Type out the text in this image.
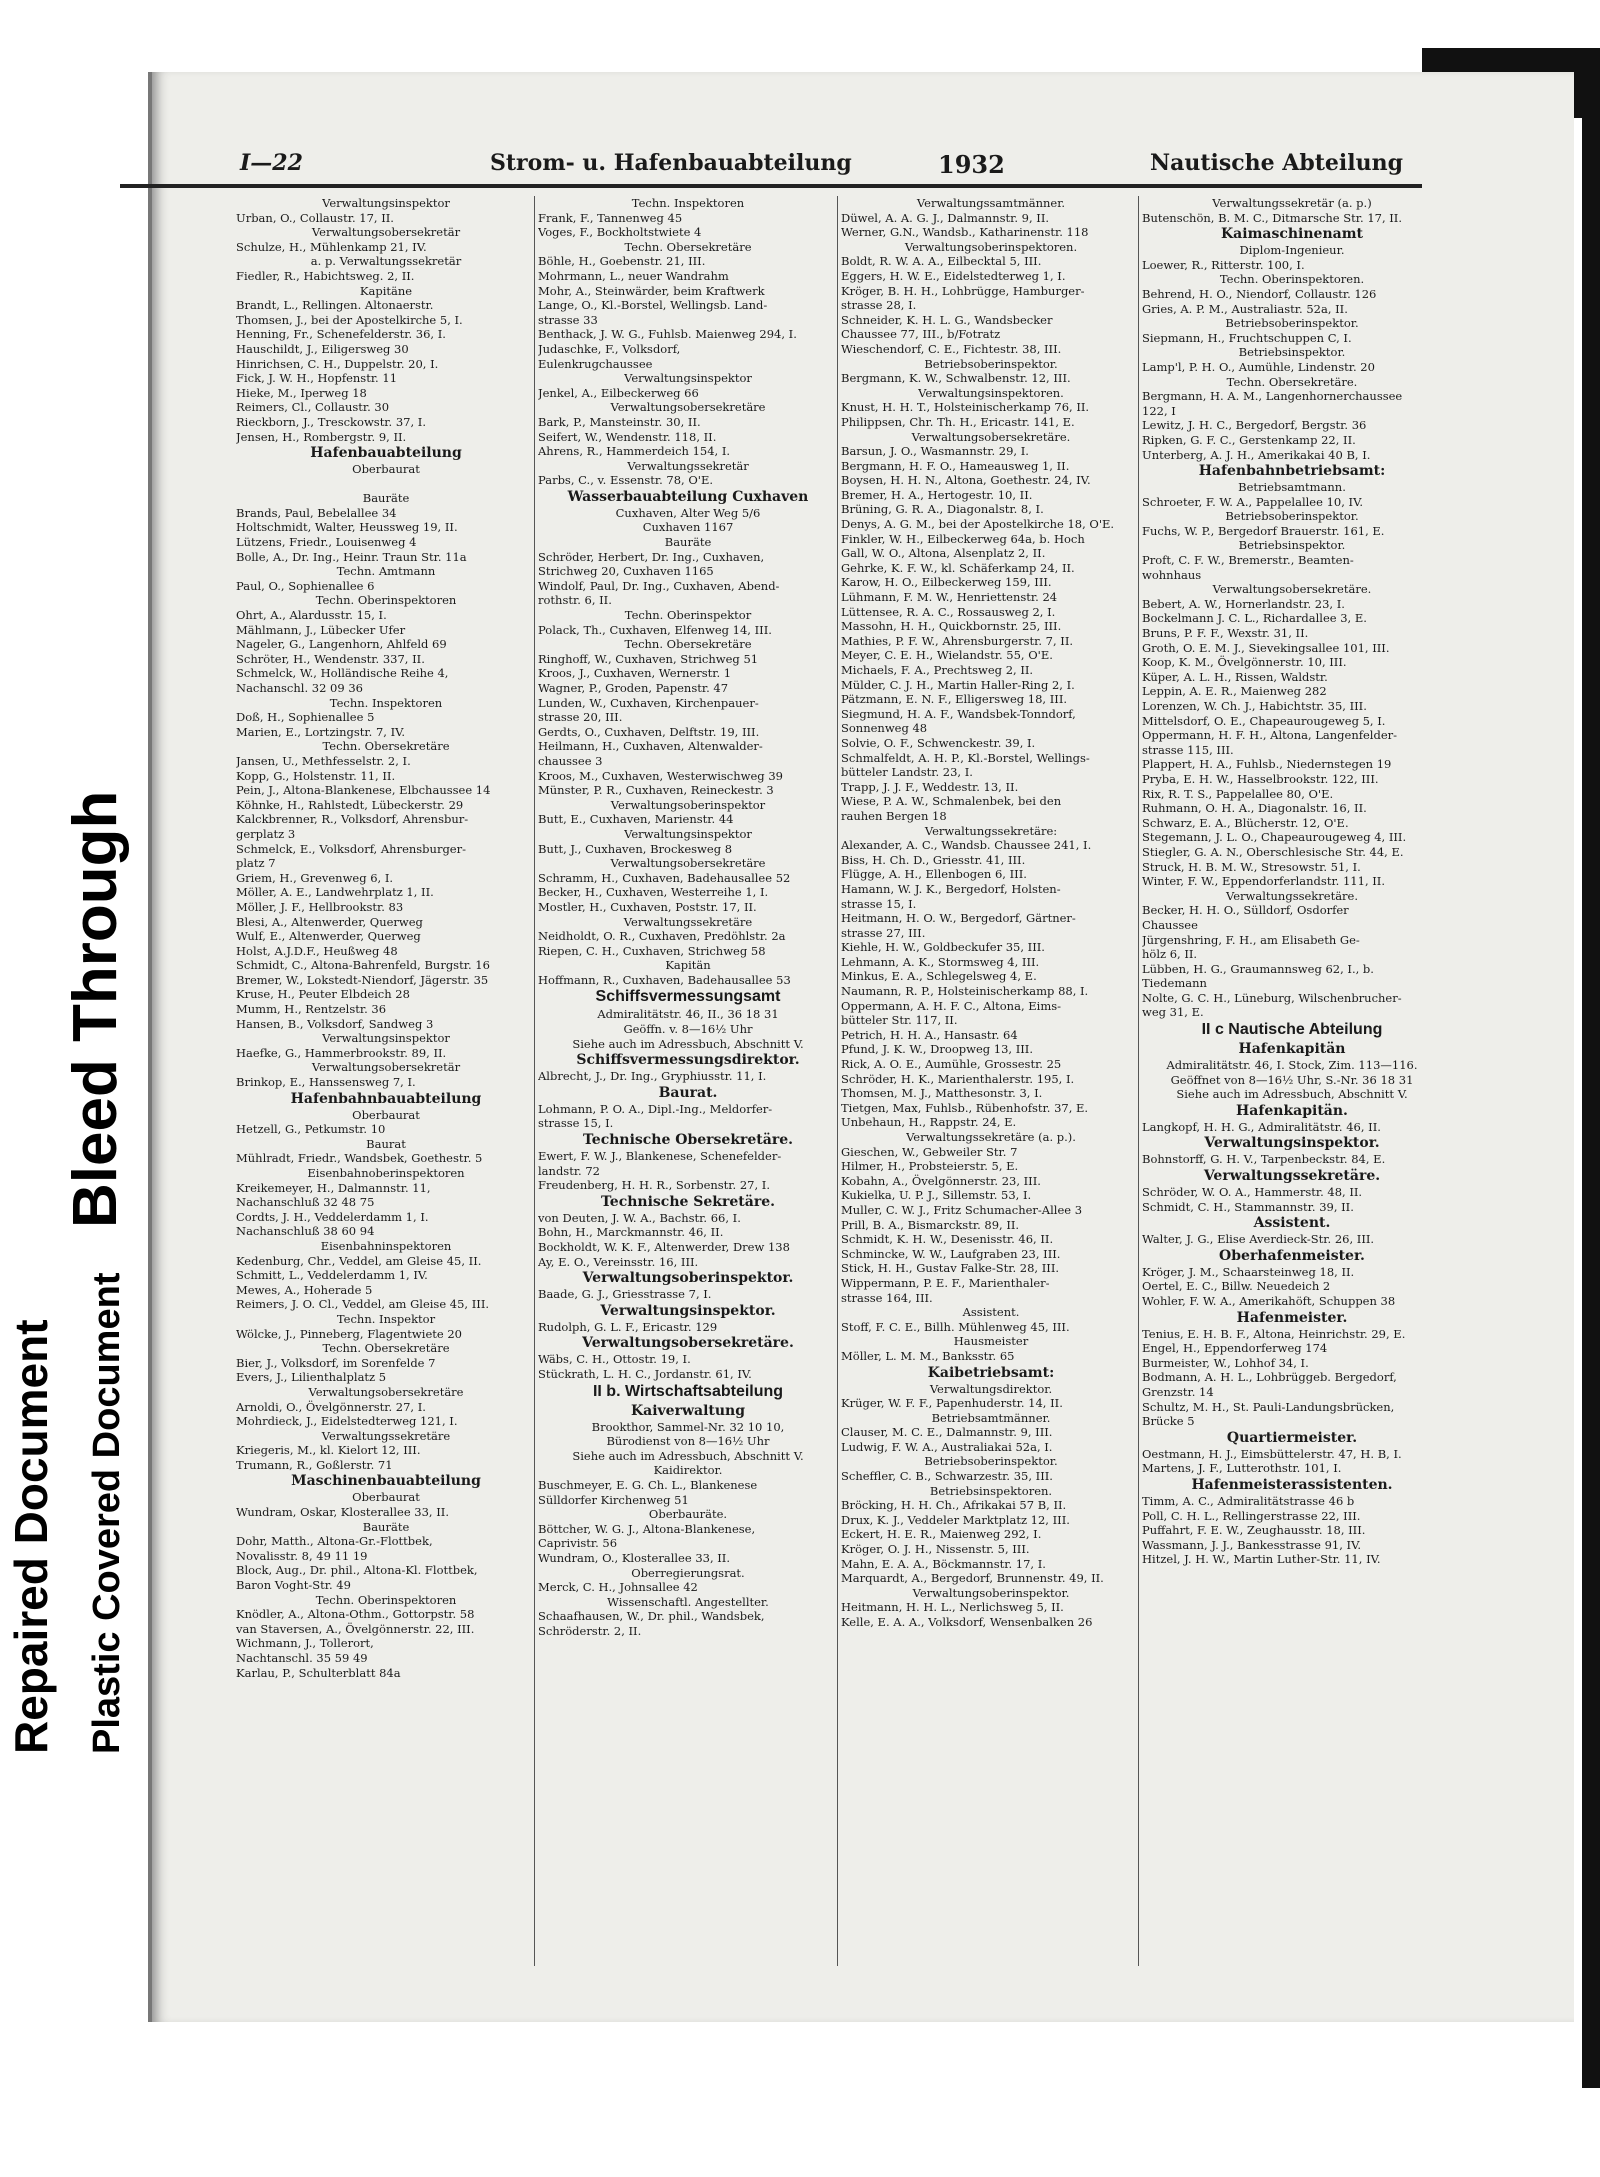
Bleed Through
Repaired Document Plastic Covered Document
I—22	Strom- u. Hafenbauabteilung	1932	Nautische Abteilung
Verwaltungsinspektor
Urban, O., Collaustr. 17, II.
Verwaltungsobersekretär
Schulze, H., Mühlenkamp 21, IV.
a. p. Verwaltungssekretär
Fiedler, R., Habichtsweg. 2, II.
Kapitäne
Brandt, L., Rellingen. Altonaerstr.
Thomsen, J., bei der Apostelkirche 5, I.
Henning, Fr., Schenefelderstr. 36, I.
Hauschildt, J., Eiligersweg 30
Hinrichsen, C. H., Duppelstr. 20, I.
Fick, J. W. H., Hopfenstr. 11
Hieke, M., Iperweg 18
Reimers, Cl., Collaustr. 30
Rieckborn, J., Tresckowstr. 37, I.
Jensen, H., Rombergstr. 9, II.
Hafenbauabteilung
Oberbaurat

Bauräte
Brands, Paul, Bebelallee 34
Holtschmidt, Walter, Heussweg 19, II.
Lützens, Friedr., Louisenweg 4
Bolle, A., Dr. Ing., Heinr. Traun Str. 11a
Techn. Amtmann
Paul, O., Sophienallee 6
Techn. Oberinspektoren
Ohrt, A., Alardusstr. 15, I.
Mählmann, J., Lübecker Ufer
Nageler, G., Langenhorn, Ahlfeld 69
Schröter, H., Wendenstr. 337, II.
Schmelck, W., Holländische Reihe 4,
Nachanschl. 32 09 36
Techn. Inspektoren
Doß, H., Sophienallee 5
Marien, E., Lortzingstr. 7, IV.
Techn. Obersekretäre
Jansen, U., Methfesselstr. 2, I.
Kopp, G., Holstenstr. 11, II.
Pein, J., Altona-Blankenese, Elbchaussee 14
Köhnke, H., Rahlstedt, Lübeckerstr. 29
Kalckbrenner, R., Volksdorf, Ahrensbur-
gerplatz 3
Schmelck, E., Volksdorf, Ahrensburger-
platz 7
Griem, H., Grevenweg 6, I.
Möller, A. E., Landwehrplatz 1, II.
Möller, J. F., Hellbrookstr. 83
Blesi, A., Altenwerder, Querweg
Wulf, E., Altenwerder, Querweg
Holst, A.J.D.F., Heußweg 48
Schmidt, C., Altona-Bahrenfeld, Burgstr. 16
Bremer, W., Lokstedt-Niendorf, Jägerstr. 35
Kruse, H., Peuter Elbdeich 28
Mumm, H., Rentzelstr. 36
Hansen, B., Volksdorf, Sandweg 3
Verwaltungsinspektor
Haefke, G., Hammerbrookstr. 89, II.
Verwaltungsobersekretär
Brinkop, E., Hanssensweg 7, I.
Hafenbahnbauabteilung
Oberbaurat
Hetzell, G., Petkumstr. 10
Baurat
Mühlradt, Friedr., Wandsbek, Goethestr. 5
Eisenbahnoberinspektoren
Kreikemeyer, H., Dalmannstr. 11,
Nachanschluß 32 48 75
Cordts, J. H., Veddelerdamm 1, I.
Nachanschluß 38 60 94
Eisenbahninspektoren
Kedenburg, Chr., Veddel, am Gleise 45, II.
Schmitt, L., Veddelerdamm 1, IV.
Mewes, A., Hoherade 5
Reimers, J. O. Cl., Veddel, am Gleise 45, III.
Techn. Inspektor
Wölcke, J., Pinneberg, Flagentwiete 20
Techn. Obersekretäre
Bier, J., Volksdorf, im Sorenfelde 7
Evers, J., Lilienthalplatz 5
Verwaltungsobersekretäre
Arnoldi, O., Övelgönnerstr. 27, I.
Mohrdieck, J., Eidelstedterweg 121, I.
Verwaltungssekretäre
Kriegeris, M., kl. Kielort 12, III.
Trumann, R., Goßlerstr. 71
Maschinenbauabteilung
Oberbaurat
Wundram, Oskar, Klosterallee 33, II.
Bauräte
Dohr, Matth., Altona-Gr.-Flottbek,
Novalisstr. 8, 49 11 19
Block, Aug., Dr. phil., Altona-Kl. Flottbek,
Baron Voght-Str. 49
Techn. Oberinspektoren
Knödler, A., Altona-Othm., Gottorpstr. 58
van Staversen, A., Övelgönnerstr. 22, III.
Wichmann, J., Tollerort,
Nachtanschl. 35 59 49
Karlau, P., Schulterblatt 84a
Techn. Inspektoren
Frank, F., Tannenweg 45
Voges, F., Bockholtstwiete 4
Techn. Obersekretäre
Böhle, H., Goebenstr. 21, III.
Mohrmann, L., neuer Wandrahm
Mohr, A., Steinwärder, beim Kraftwerk
Lange, O., Kl.-Borstel, Wellingsb. Land-
strasse 33
Benthack, J. W. G., Fuhlsb. Maienweg 294, I.
Judaschke, F., Volksdorf,
Eulenkrugchaussee
Verwaltungsinspektor
Jenkel, A., Eilbeckerweg 66
Verwaltungsobersekretäre
Bark, P., Mansteinstr. 30, II.
Seifert, W., Wendenstr. 118, II.
Ahrens, R., Hammerdeich 154, I.
Verwaltungssekretär
Parbs, C., v. Essenstr. 78, O'E.
Wasserbauabteilung Cuxhaven
Cuxhaven, Alter Weg 5/6
Cuxhaven 1167
Bauräte
Schröder, Herbert, Dr. Ing., Cuxhaven,
Strichweg 20, Cuxhaven 1165
Windolf, Paul, Dr. Ing., Cuxhaven, Abend-
rothstr. 6, II.
Techn. Oberinspektor
Polack, Th., Cuxhaven, Elfenweg 14, III.
Techn. Obersekretäre
Ringhoff, W., Cuxhaven, Strichweg 51
Kroos, J., Cuxhaven, Wernerstr. 1
Wagner, P., Groden, Papenstr. 47
Lunden, W., Cuxhaven, Kirchenpauer-
strasse 20, III.
Gerdts, O., Cuxhaven, Delftstr. 19, III.
Heilmann, H., Cuxhaven, Altenwalder-
chaussee 3
Kroos, M., Cuxhaven, Westerwischweg 39
Münster, P. R., Cuxhaven, Reineckestr. 3
Verwaltungsoberinspektor
Butt, E., Cuxhaven, Marienstr. 44
Verwaltungsinspektor
Butt, J., Cuxhaven, Brockesweg 8
Verwaltungsobersekretäre
Schramm, H., Cuxhaven, Badehausallee 52
Becker, H., Cuxhaven, Westerreihe 1, I.
Mostler, H., Cuxhaven, Poststr. 17, II.
Verwaltungssekretäre
Neidholdt, O. R., Cuxhaven, Predöhlstr. 2a
Riepen, C. H., Cuxhaven, Strichweg 58
Kapitän
Hoffmann, R., Cuxhaven, Badehausallee 53
Schiffsvermessungsamt
Admiralitätstr. 46, II., 36 18 31
Geöffn. v. 8—16½ Uhr
Siehe auch im Adressbuch, Abschnitt V.
Schiffsvermessungsdirektor.
Albrecht, J., Dr. Ing., Gryphiusstr. 11, I.
Baurat.
Lohmann, P. O. A., Dipl.-Ing., Meldorfer-
strasse 15, I.
Technische Obersekretäre.
Ewert, F. W. J., Blankenese, Schenefelder-
landstr. 72
Freudenberg, H. H. R., Sorbenstr. 27, I.
Technische Sekretäre.
von Deuten, J. W. A., Bachstr. 66, I.
Bohn, H., Marckmannstr. 46, II.
Bockholdt, W. K. F., Altenwerder, Drew 138
Ay, E. O., Vereinsstr. 16, III.
Verwaltungsoberinspektor.
Baade, G. J., Griesstrasse 7, I.
Verwaltungsinspektor.
Rudolph, G. L. F., Ericastr. 129
Verwaltungsobersekretäre.
Wäbs, C. H., Ottostr. 19, I.
Stückrath, L. H. C., Jordanstr. 61, IV.
II b. Wirtschaftsabteilung
Kaiverwaltung
Brookthor, Sammel-Nr. 32 10 10,
Bürodienst von 8—16½ Uhr
Siehe auch im Adressbuch, Abschnitt V.
Kaidirektor.
Buschmeyer, E. G. Ch. L., Blankenese
Sülldorfer Kirchenweg 51
Oberbauräte.
Böttcher, W. G. J., Altona-Blankenese,
Caprivistr. 56
Wundram, O., Klosterallee 33, II.
Oberregierungsrat.
Merck, C. H., Johnsallee 42
Wissenschaftl. Angestellter.
Schaafhausen, W., Dr. phil., Wandsbek,
Schröderstr. 2, II.
Verwaltungssamtmänner.
Düwel, A. A. G. J., Dalmannstr. 9, II.
Werner, G.N., Wandsb., Katharinenstr. 118
Verwaltungsoberinspektoren.
Boldt, R. W. A. A., Eilbecktal 5, III.
Eggers, H. W. E., Eidelstedterweg 1, I.
Kröger, B. H. H., Lohbrügge, Hamburger-
strasse 28, I.
Schneider, K. H. L. G., Wandsbecker
Chaussee 77, III., b/Fotratz
Wieschendorf, C. E., Fichtestr. 38, III.
Betriebsoberinspektor.
Bergmann, K. W., Schwalbenstr. 12, III.
Verwaltungsinspektoren.
Knust, H. H. T., Holsteinischerkamp 76, II.
Philippsen, Chr. Th. H., Ericastr. 141, E.
Verwaltungsobersekretäre.
Barsun, J. O., Wasmannstr. 29, I.
Bergmann, H. F. O., Hameausweg 1, II.
Boysen, H. H. N., Altona, Goethestr. 24, IV.
Bremer, H. A., Hertogestr. 10, II.
Brüning, G. R. A., Diagonalstr. 8, I.
Denys, A. G. M., bei der Apostelkirche 18, O'E.
Finkler, W. H., Eilbeckerweg 64a, b. Hoch
Gall, W. O., Altona, Alsenplatz 2, II.
Gehrke, K. F. W., kl. Schäferkamp 24, II.
Karow, H. O., Eilbeckerweg 159, III.
Lühmann, F. M. W., Henriettenstr. 24
Lüttensee, R. A. C., Rossausweg 2, I.
Massohn, H. H., Quickbornstr. 25, III.
Mathies, P. F. W., Ahrensburgerstr. 7, II.
Meyer, C. E. H., Wielandstr. 55, O'E.
Michaels, F. A., Prechtsweg 2, II.
Mülder, C. J. H., Martin Haller-Ring 2, I.
Pätzmann, E. N. F., Elligersweg 18, III.
Siegmund, H. A. F., Wandsbek-Tonndorf,
Sonnenweg 48
Solvie, O. F., Schwenckestr. 39, I.
Schmalfeldt, A. H. P., Kl.-Borstel, Wellings-
bütteler Landstr. 23, I.
Trapp, J. J. F., Weddestr. 13, II.
Wiese, P. A. W., Schmalenbek, bei den
rauhen Bergen 18
Verwaltungssekretäre:
Alexander, A. C., Wandsb. Chaussee 241, I.
Biss, H. Ch. D., Griesstr. 41, III.
Flügge, A. H., Ellenbogen 6, III.
Hamann, W. J. K., Bergedorf, Holsten-
strasse 15, I.
Heitmann, H. O. W., Bergedorf, Gärtner-
strasse 27, III.
Kiehle, H. W., Goldbeckufer 35, III.
Lehmann, A. K., Stormsweg 4, III.
Minkus, E. A., Schlegelsweg 4, E.
Naumann, R. P., Holsteinischerkamp 88, I.
Oppermann, A. H. F. C., Altona, Eims-
bütteler Str. 117, II.
Petrich, H. H. A., Hansastr. 64
Pfund, J. K. W., Droopweg 13, III.
Rick, A. O. E., Aumühle, Grossestr. 25
Schröder, H. K., Marienthalerstr. 195, I.
Thomsen, M. J., Matthesonstr. 3, I.
Tietgen, Max, Fuhlsb., Rübenhofstr. 37, E.
Unbehaun, H., Rappstr. 24, E.
Verwaltungssekretäre (a. p.).
Gieschen, W., Gebweiler Str. 7
Hilmer, H., Probsteierstr. 5, E.
Kobahn, A., Övelgönnerstr. 23, III.
Kukielka, U. P. J., Sillemstr. 53, I.
Muller, C. W. J., Fritz Schumacher-Allee 3
Prill, B. A., Bismarckstr. 89, II.
Schmidt, K. H. W., Desenisstr. 46, II.
Schmincke, W. W., Laufgraben 23, III.
Stick, H. H., Gustav Falke-Str. 28, III.
Wippermann, P. E. F., Marienthaler-
strasse 164, III.
Assistent.
Stoff, F. C. E., Billh. Mühlenweg 45, III.
Hausmeister
Möller, L. M. M., Banksstr. 65
Kaibetriebsamt:
Verwaltungsdirektor.
Krüger, W. F. F., Papenhuderstr. 14, II.
Betriebsamtmänner.
Clauser, M. C. E., Dalmannstr. 9, III.
Ludwig, F. W. A., Australiakai 52a, I.
Betriebsoberinspektor.
Scheffler, C. B., Schwarzestr. 35, III.
Betriebsinspektoren.
Bröcking, H. H. Ch., Afrikakai 57 B, II.
Drux, K. J., Veddeler Marktplatz 12, III.
Eckert, H. E. R., Maienweg 292, I.
Kröger, O. J. H., Nissenstr. 5, III.
Mahn, E. A. A., Böckmannstr. 17, I.
Marquardt, A., Bergedorf, Brunnenstr. 49, II.
Verwaltungsoberinspektor.
Heitmann, H. H. L., Nerlichsweg 5, II.
Kelle, E. A. A., Volksdorf, Wensenbalken 26
Verwaltungssekretär (a. p.)
Butenschön, B. M. C., Ditmarsche Str. 17, II.
Kaimaschinenamt
Diplom-Ingenieur.
Loewer, R., Ritterstr. 100, I.
Techn. Oberinspektoren.
Behrend, H. O., Niendorf, Collaustr. 126
Gries, A. P. M., Australiastr. 52a, II.
Betriebsoberinspektor.
Siepmann, H., Fruchtschuppen C, I.
Betriebsinspektor.
Lamp'l, P. H. O., Aumühle, Lindenstr. 20
Techn. Obersekretäre.
Bergmann, H. A. M., Langenhornerchaussee
122, I
Lewitz, J. H. C., Bergedorf, Bergstr. 36
Ripken, G. F. C., Gerstenkamp 22, II.
Unterberg, A. J. H., Amerikakai 40 B, I.
Hafenbahnbetriebsamt:
Betriebsamtmann.
Schroeter, F. W. A., Pappelallee 10, IV.
Betriebsoberinspektor.
Fuchs, W. P., Bergedorf Brauerstr. 161, E.
Betriebsinspektor.
Proft, C. F. W., Bremerstr., Beamten-
wohnhaus
Verwaltungsobersekretäre.
Bebert, A. W., Hornerlandstr. 23, I.
Bockelmann J. C. L., Richardallee 3, E.
Bruns, P. F. F., Wexstr. 31, II.
Groth, O. E. M. J., Sievekingsallee 101, III.
Koop, K. M., Övelgönnerstr. 10, III.
Küper, A. L. H., Rissen, Waldstr.
Leppin, A. E. R., Maienweg 282
Lorenzen, W. Ch. J., Habichtstr. 35, III.
Mittelsdorf, O. E., Chapeaurougeweg 5, I.
Oppermann, H. F. H., Altona, Langenfelder-
strasse 115, III.
Plappert, H. A., Fuhlsb., Niedernstegen 19
Pryba, E. H. W., Hasselbrookstr. 122, III.
Rix, R. T. S., Pappelallee 80, O'E.
Ruhmann, O. H. A., Diagonalstr. 16, II.
Schwarz, E. A., Blücherstr. 12, O'E.
Stegemann, J. L. O., Chapeaurougeweg 4, III.
Stiegler, G. A. N., Oberschlesische Str. 44, E.
Struck, H. B. M. W., Stresowstr. 51, I.
Winter, F. W., Eppendorferlandstr. 111, II.
Verwaltungssekretäre.
Becker, H. H. O., Sülldorf, Osdorfer
Chaussee
Jürgenshring, F. H., am Elisabeth Ge-
hölz 6, II.
Lübben, H. G., Graumannsweg 62, I., b.
Tiedemann
Nolte, G. C. H., Lüneburg, Wilschenbrucher-
weg 31, E.
II c Nautische Abteilung
Hafenkapitän
Admiralitätstr. 46, I. Stock, Zim. 113—116.
Geöffnet von 8—16½ Uhr, S.-Nr. 36 18 31
Siehe auch im Adressbuch, Abschnitt V.
Hafenkapitän.
Langkopf, H. H. G., Admiralitätstr. 46, II.
Verwaltungsinspektor.
Bohnstorff, G. H. V., Tarpenbeckstr. 84, E.
Verwaltungssekretäre.
Schröder, W. O. A., Hammerstr. 48, II.
Schmidt, C. H., Stammannstr. 39, II.
Assistent.
Walter, J. G., Elise Averdieck-Str. 26, III.
Oberhafenmeister.
Kröger, J. M., Schaarsteinweg 18, II.
Oertel, E. C., Billw. Neuedeich 2
Wohler, F. W. A., Amerikahöft, Schuppen 38
Hafenmeister.
Tenius, E. H. B. F., Altona, Heinrichstr. 29, E.
Engel, H., Eppendorferweg 174
Burmeister, W., Lohhof 34, I.
Bodmann, A. H. L., Lohbrüggeb. Bergedorf,
Grenzstr. 14
Schultz, M. H., St. Pauli-Landungsbrücken,
Brücke 5
Quartiermeister.
Oestmann, H. J., Eimsbüttelerstr. 47, H. B, I.
Martens, J. F., Lutterothstr. 101, I.
Hafenmeisterassistenten.
Timm, A. C., Admiralitätstrasse 46 b
Poll, C. H. L., Rellingerstrasse 22, III.
Puffahrt, F. E. W., Zeughausstr. 18, III.
Wassmann, J. J., Bankesstrasse 91, IV.
Hitzel, J. H. W., Martin Luther-Str. 11, IV.
